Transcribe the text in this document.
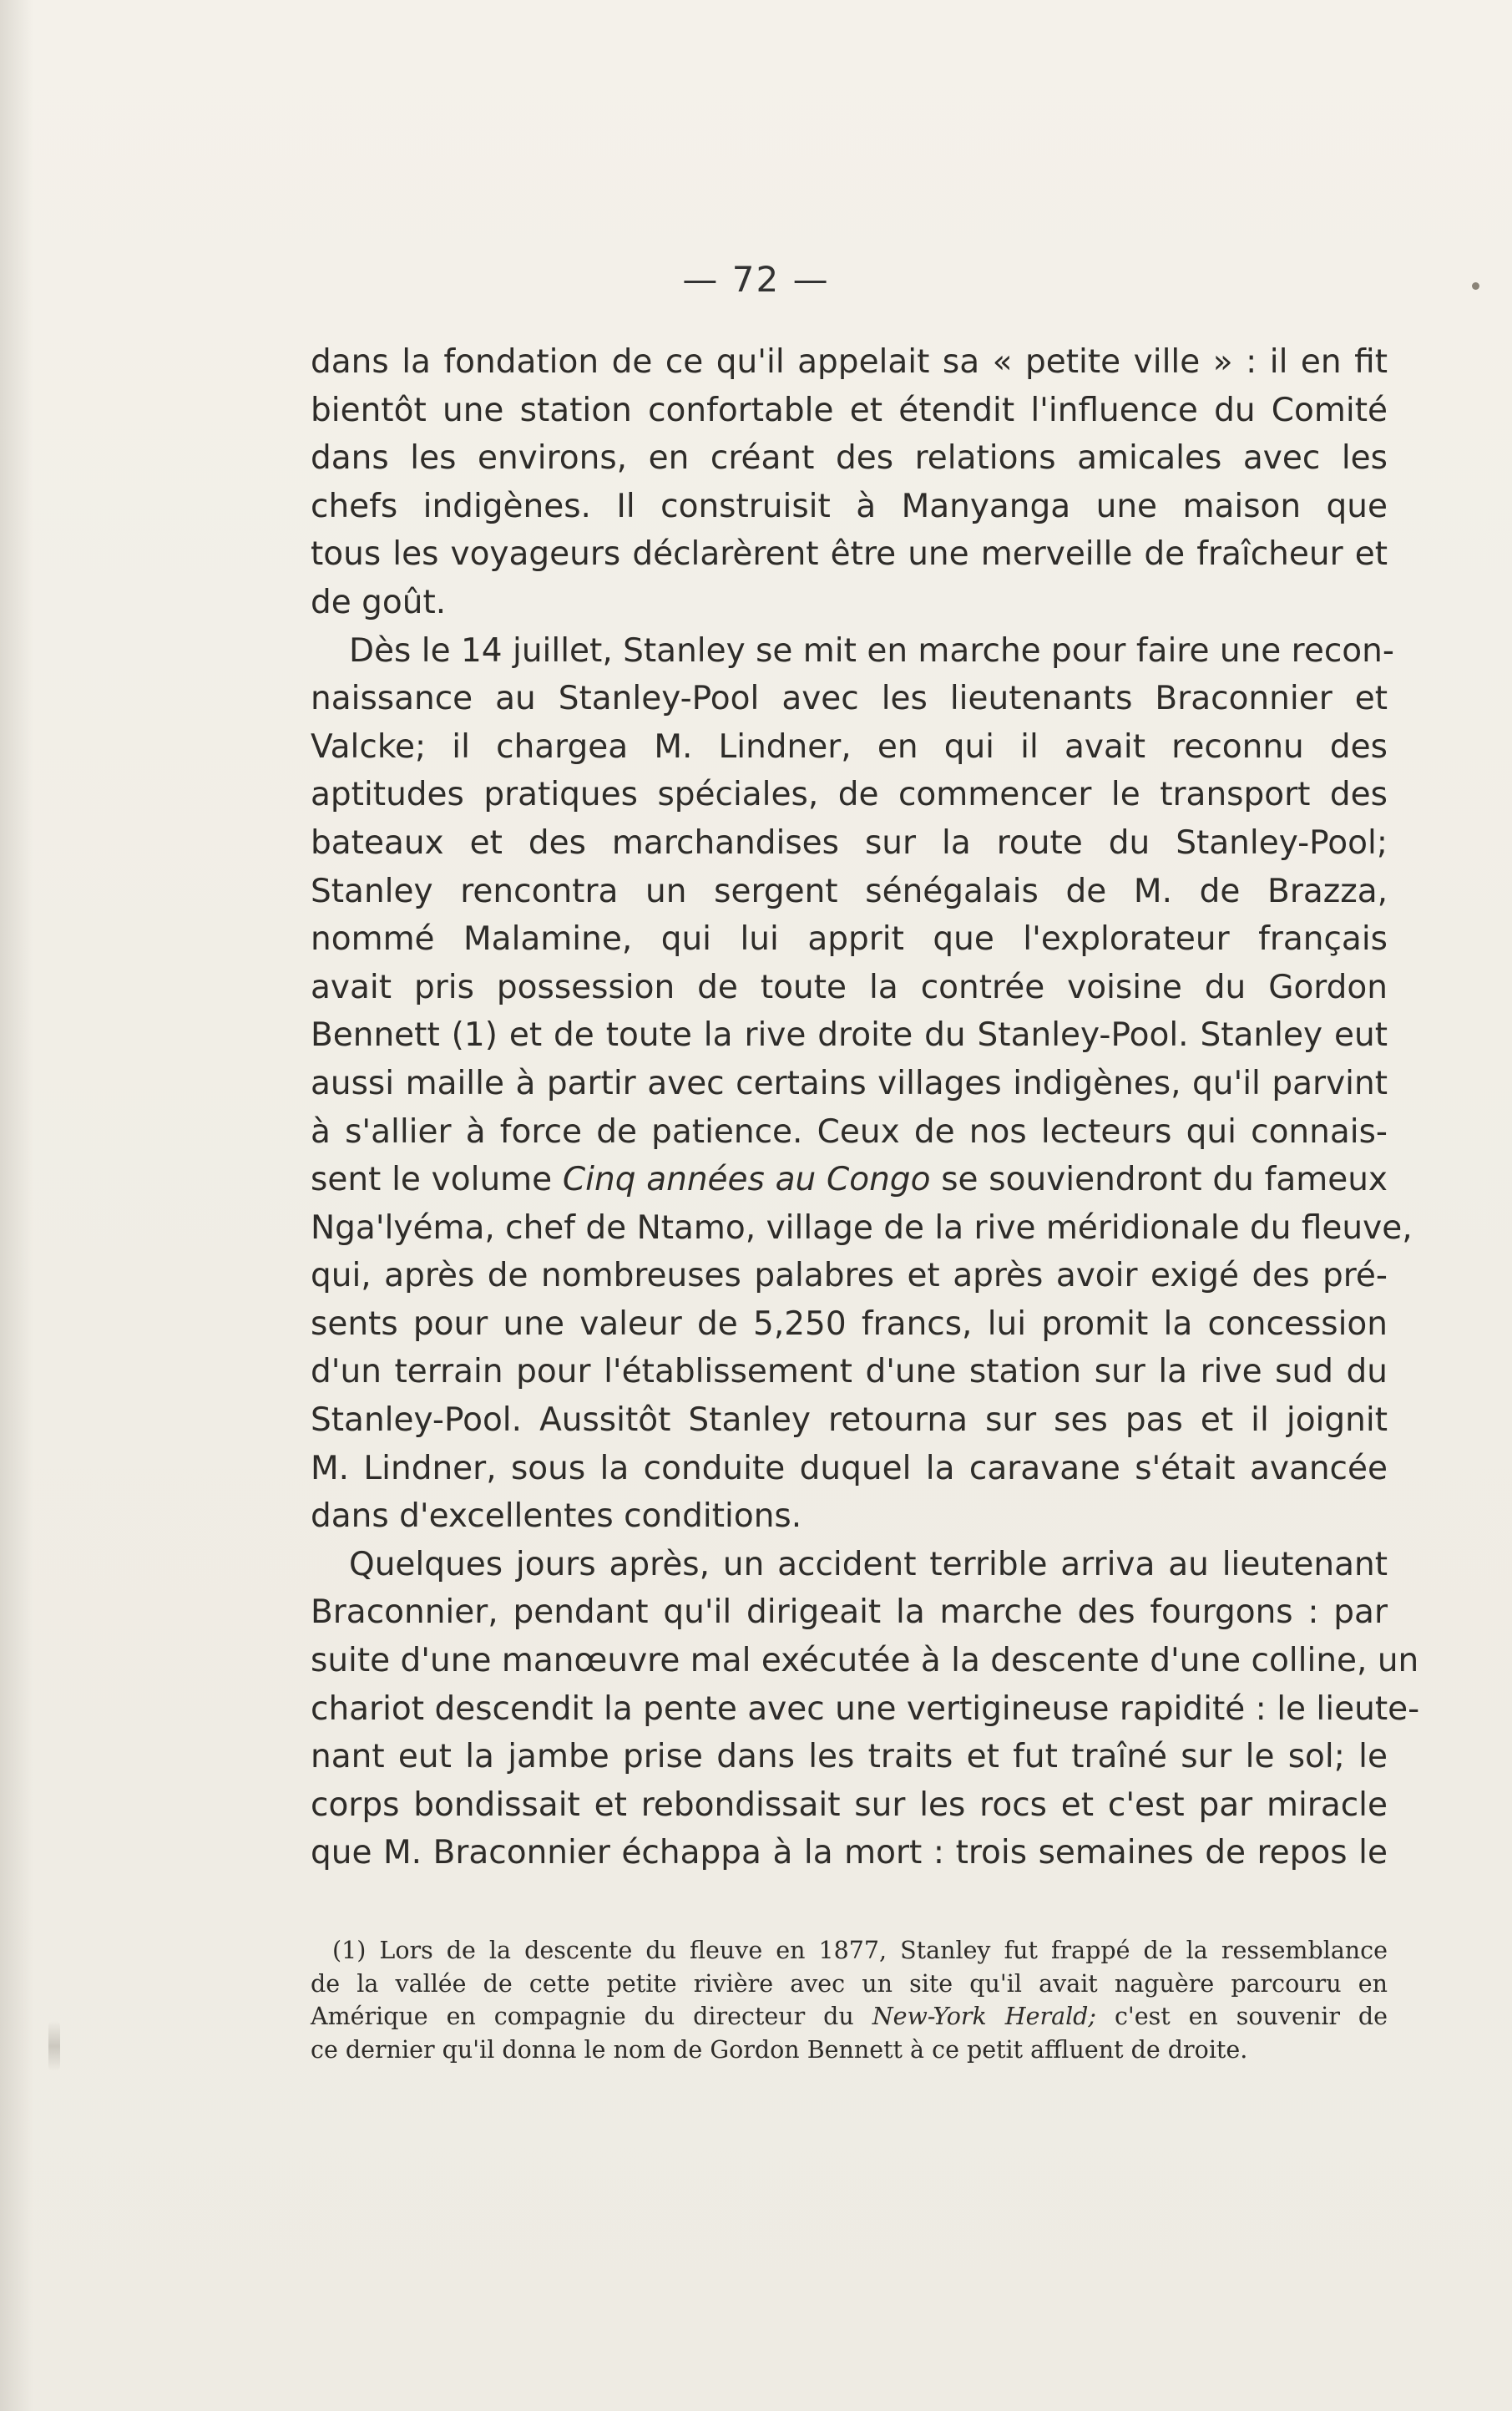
— 72 —
dans la fondation de ce qu'il appelait sa « petite ville » : il en fit
bientôt une station confortable et étendit l'influence du Comité
dans les environs, en créant des relations amicales avec les
chefs indigènes. Il construisit à Manyanga une maison que
tous les voyageurs déclarèrent être une merveille de fraîcheur et
de goût.
Dès le 14 juillet, Stanley se mit en marche pour faire une recon-
naissance au Stanley-Pool avec les lieutenants Braconnier et
Valcke; il chargea M. Lindner, en qui il avait reconnu des
aptitudes pratiques spéciales, de commencer le transport des
bateaux et des marchandises sur la route du Stanley-Pool;
Stanley rencontra un sergent sénégalais de M. de Brazza,
nommé Malamine, qui lui apprit que l'explorateur français
avait pris possession de toute la contrée voisine du Gordon
Bennett (1) et de toute la rive droite du Stanley-Pool. Stanley eut
aussi maille à partir avec certains villages indigènes, qu'il parvint
à s'allier à force de patience. Ceux de nos lecteurs qui connais-
sent le volume Cinq années au Congo se souviendront du fameux
Nga'lyéma, chef de Ntamo, village de la rive méridionale du fleuve,
qui, après de nombreuses palabres et après avoir exigé des pré-
sents pour une valeur de 5,250 francs, lui promit la concession
d'un terrain pour l'établissement d'une station sur la rive sud du
Stanley-Pool. Aussitôt Stanley retourna sur ses pas et il joignit
M. Lindner, sous la conduite duquel la caravane s'était avancée
dans d'excellentes conditions.
Quelques jours après, un accident terrible arriva au lieutenant
Braconnier, pendant qu'il dirigeait la marche des fourgons : par
suite d'une manœuvre mal exécutée à la descente d'une colline, un
chariot descendit la pente avec une vertigineuse rapidité : le lieute-
nant eut la jambe prise dans les traits et fut traîné sur le sol; le
corps bondissait et rebondissait sur les rocs et c'est par miracle
que M. Braconnier échappa à la mort : trois semaines de repos le
(1) Lors de la descente du fleuve en 1877, Stanley fut frappé de la ressemblance
de la vallée de cette petite rivière avec un site qu'il avait naguère parcouru en
Amérique en compagnie du directeur du New-York Herald; c'est en souvenir de
ce dernier qu'il donna le nom de Gordon Bennett à ce petit affluent de droite.
